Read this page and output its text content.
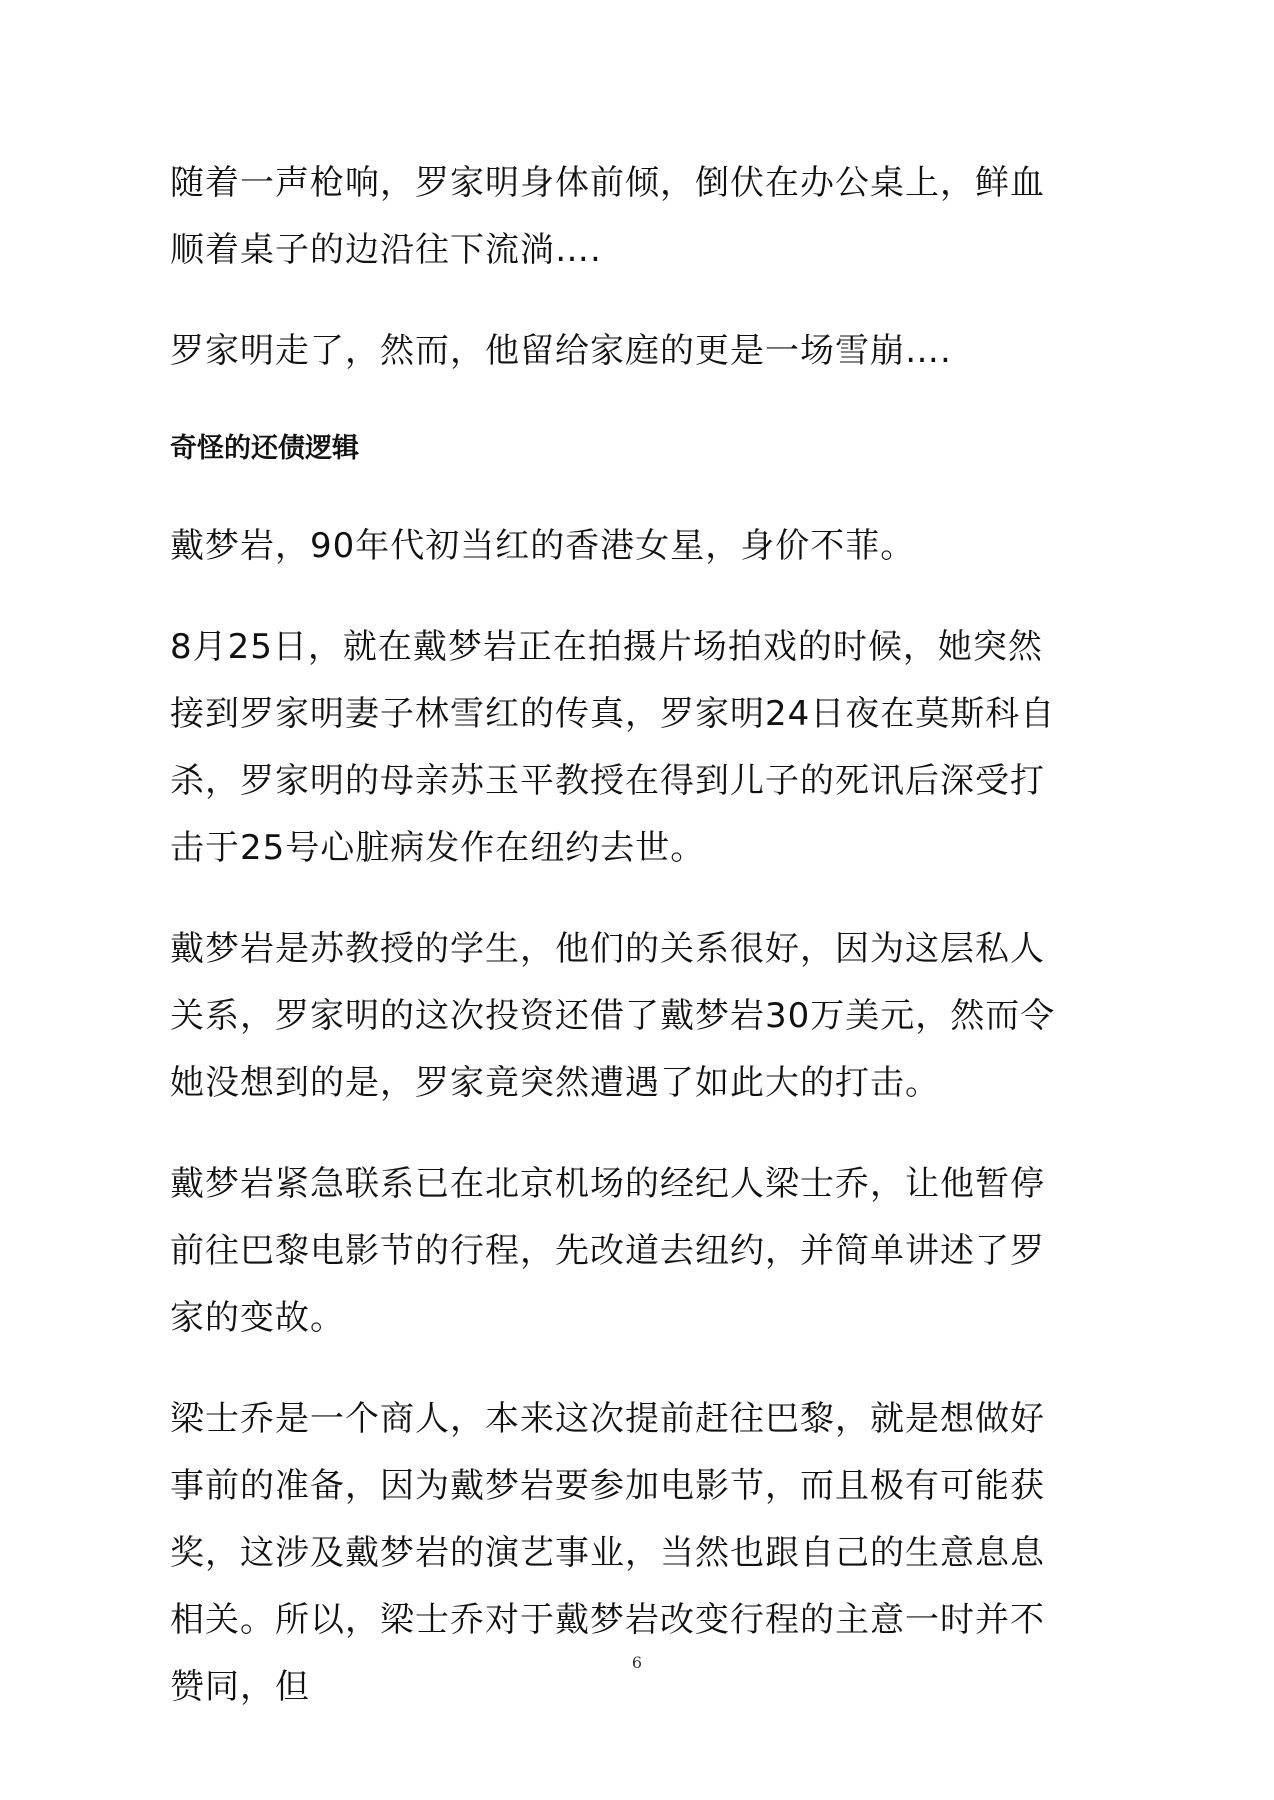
随着一声枪响，罗家明身体前倾，倒伏在办公桌上，鲜血顺着桌子的边沿往下流淌….

罗家明走了，然而，他留给家庭的更是一场雪崩….

奇怪的还债逻辑

戴梦岩，90年代初当红的香港女星，身价不菲。

8月25日，就在戴梦岩正在拍摄片场拍戏的时候，她突然接到罗家明妻子林雪红的传真，罗家明24日夜在莫斯科自杀，罗家明的母亲苏玉平教授在得到儿子的死讯后深受打击于25号心脏病发作在纽约去世。

戴梦岩是苏教授的学生，他们的关系很好，因为这层私人关系，罗家明的这次投资还借了戴梦岩30万美元，然而令她没想到的是，罗家竟突然遭遇了如此大的打击。

戴梦岩紧急联系已在北京机场的经纪人梁士乔，让他暂停前往巴黎电影节的行程，先改道去纽约，并简单讲述了罗家的变故。

梁士乔是一个商人，本来这次提前赶往巴黎，就是想做好事前的准备，因为戴梦岩要参加电影节，而且极有可能获奖，这涉及戴梦岩的演艺事业，当然也跟自己的生意息息相关。所以，梁士乔对于戴梦岩改变行程的主意一时并不赞同，但

6
